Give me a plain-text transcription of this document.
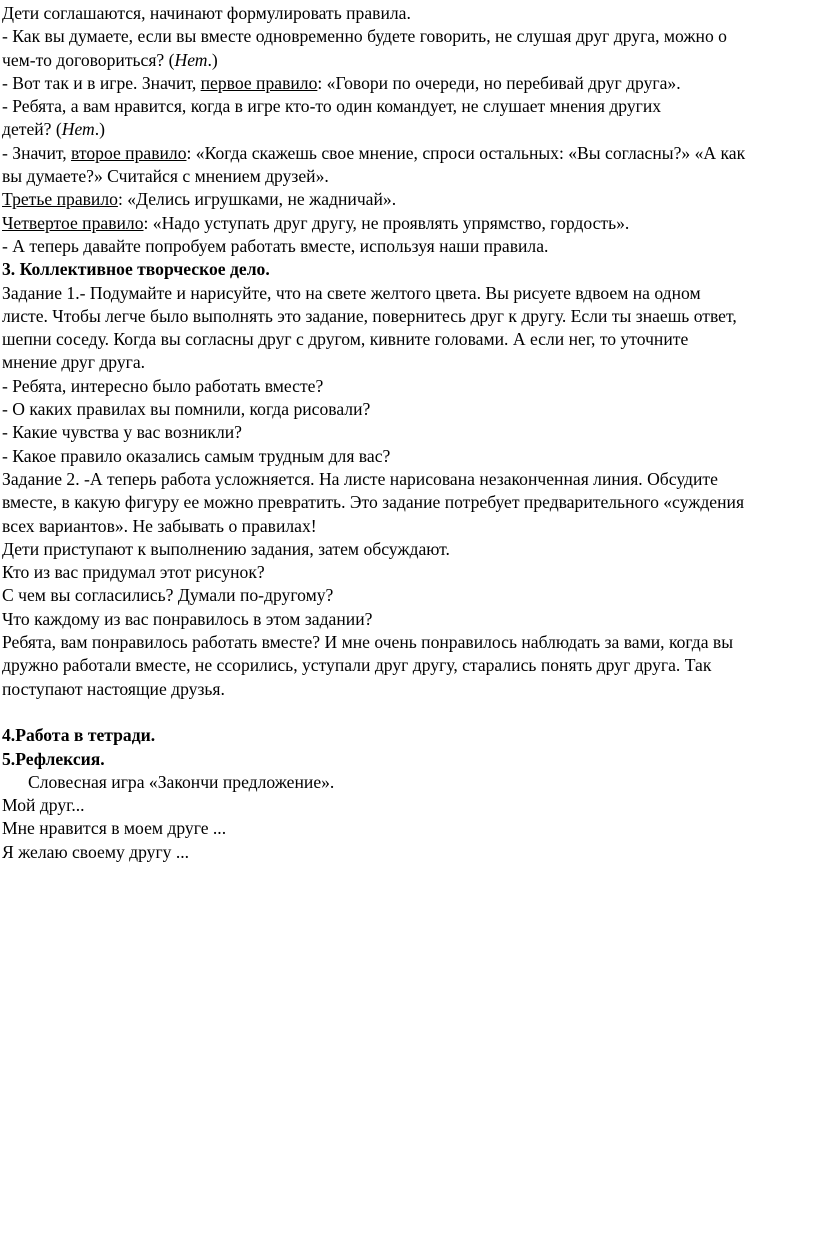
Дети соглашаются, начинают формулировать правила.
- Как вы думаете, если вы вместе одновременно будете говорить, не слушая друг друга, можно о
чем-то договориться? (Нет.)
- Вот так и в игре. Значит, первое правило: «Говори по очереди, но перебивай друг друга».
- Ребята, а вам нравится, когда в игре кто-то один командует, не слушает мнения других
детей? (Нет.)
- Значит, второе правило: «Когда скажешь свое мнение, спроси остальных: «Вы согласны?» «А как
вы думаете?» Считайся с мнением друзей».
Третье правило: «Делись игрушками, не жадничай».
Четвертое правило: «Надо уступать друг другу, не проявлять упрямство, гордость».
- А теперь давайте попробуем работать вместе, используя наши правила.
3. Коллективное творческое дело.
Задание 1.- Подумайте и нарисуйте, что на свете желтого цвета. Вы рисуете вдвоем на одном
листе. Чтобы легче было выполнять это задание, повернитесь друг к другу. Если ты знаешь ответ,
шепни соседу. Когда вы согласны друг с другом, кивните головами. А если нег, то уточните
мнение друг друга.
- Ребята, интересно было работать вместе?
- О каких правилах вы помнили, когда рисовали?
- Какие чувства у вас возникли?
- Какое правило оказались самым трудным для вас?
Задание 2. -А теперь работа усложняется. На листе нарисована незаконченная линия. Обсудите
вместе, в какую фигуру ее можно превратить. Это задание потребует предварительного «суждения
всех вариантов». Не забывать о правилах!
Дети приступают к выполнению задания, затем обсуждают.
Кто из вас придумал этот рисунок?
С чем вы согласились? Думали по-другому?
Что каждому из вас понравилось в этом задании?
Ребята, вам понравилось работать вместе? И мне очень понравилось наблюдать за вами, когда вы
дружно работали вместе, не ссорились, уступали друг другу, старались понять друг друга. Так
поступают настоящие друзья.
4.Работа в тетради.
5.Рефлексия.
Словесная игра «Закончи предложение».
Мой друг...
Мне нравится в моем друге ...
Я желаю своему другу ...
